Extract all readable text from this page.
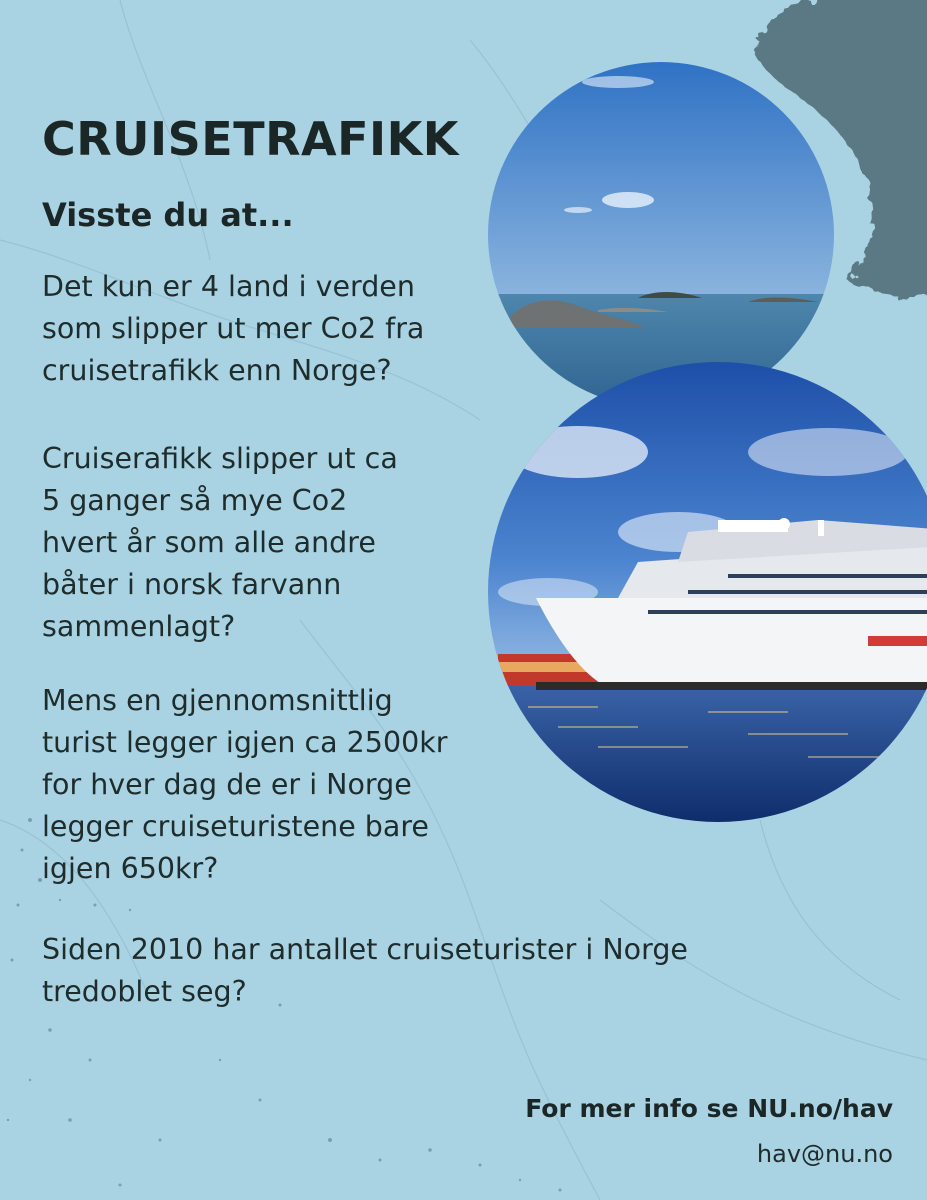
CRUISETRAFIKK
Visste du at...

Det kun er 4 land i verden
som slipper ut mer Co2 fra
cruisetrafikk enn Norge?

Cruiserafikk slipper ut ca
5 ganger så mye Co2
hvert år som alle andre
båter i norsk farvann
sammenlagt?

Mens en gjennomsnittlig
turist legger igjen ca 2500kr
for hver dag de er i Norge
legger cruiseturistene bare
igjen 650kr?

Siden 2010 har antallet cruiseturister i Norge
tredoblet seg?

For mer info se NU.no/hav

hav@nu.no
